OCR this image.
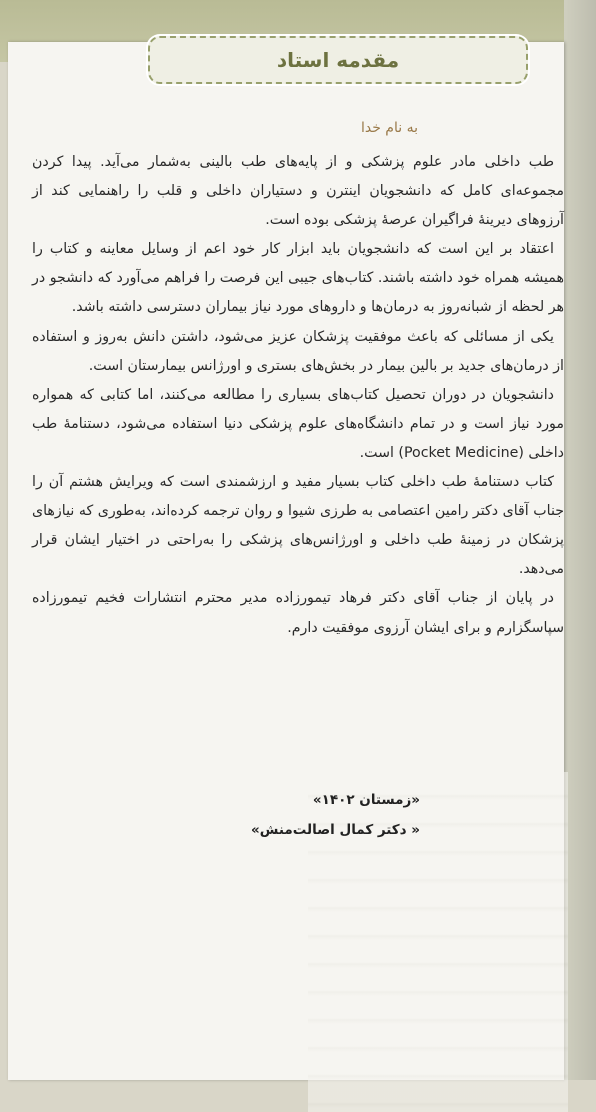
مقدمه استاد
به نام خدا

طب داخلی مادر علوم پزشکی و از پایه‌های طب بالینی به‌شمار می‌آید. پیدا کردن مجموعه‌ای کامل که دانشجویان اینترن و دستیاران داخلی و قلب را راهنمایی کند از آرزوهای دیرینهٔ فراگیران عرصهٔ پزشکی بوده است.

اعتقاد بر این است که دانشجویان باید ابزار کار خود اعم از وسایل معاینه و کتاب را همیشه همراه خود داشته باشند. کتاب‌های جیبی این فرصت را فراهم می‌آورد که دانشجو در هر لحظه از شبانه‌روز به درمان‌ها و داروهای مورد نیاز بیماران دسترسی داشته باشد.

یکی از مسائلی که باعث موفقیت پزشکان عزیز می‌شود، داشتن دانش به‌روز و استفاده از درمان‌های جدید بر بالین بیمار در بخش‌های بستری و اورژانس بیمارستان است.

دانشجویان در دوران تحصیل کتاب‌های بسیاری را مطالعه می‌کنند، اما کتابی که همواره مورد نیاز است و در تمام دانشگاه‌های علوم پزشکی دنیا استفاده می‌شود، دستنامهٔ طب داخلی (Pocket Medicine) است.

کتاب دستنامهٔ طب داخلی کتاب بسیار مفید و ارزشمندی است که ویرایش هشتم آن را جناب آقای دکتر رامین اعتصامی به طرزی شیوا و روان ترجمه کرده‌اند، به‌طوری که نیازهای پزشکان در زمینهٔ طب داخلی و اورژانس‌های پزشکی را به‌راحتی در اختیار ایشان قرار می‌دهد.

در پایان از جناب آقای دکتر فرهاد تیمورزاده مدیر محترم انتشارات فخیم تیمورزاده سپاسگزارم و برای ایشان آرزوی موفقیت دارم.

«زمستان ۱۴۰۲»
« دکتر کمال اصالت‌منش»
